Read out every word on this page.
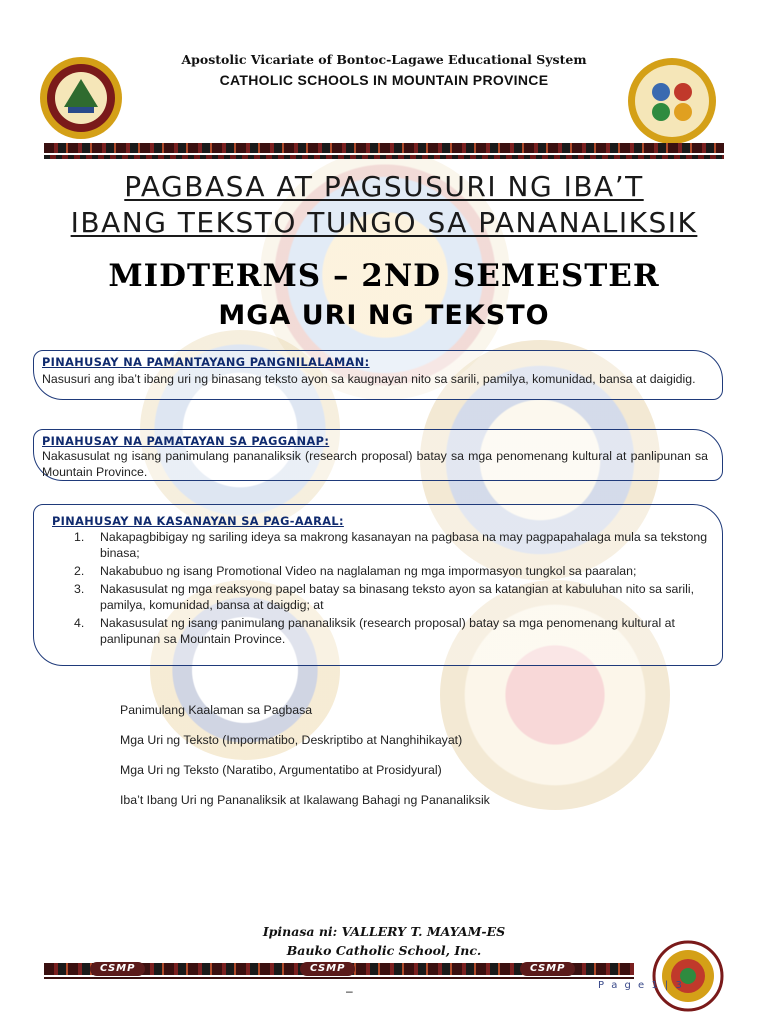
Apostolic Vicariate of Bontoc-Lagawe Educational System
CATHOLIC SCHOOLS IN MOUNTAIN PROVINCE
PAGBASA AT PAGSUSURI NG IBA’T
IBANG TEKSTO TUNGO SA PANANALIKSIK
MIDTERMS – 2ND SEMESTER
MGA URI NG TEKSTO
PINAHUSAY NA PAMANTAYANG PANGNILALAMAN:
Nasusuri ang iba’t ibang uri ng binasang teksto ayon sa kaugnayan nito sa sarili, pamilya, komunidad, bansa at daigidig.
PINAHUSAY NA PAMATAYAN SA PAGGANAP:
Nakasusulat ng isang panimulang pananaliksik (research proposal) batay sa mga penomenang kultural at panlipunan sa Mountain Province.
PINAHUSAY NA KASANAYAN SA PAG-AARAL:
1. Nakapagbibigay ng sariling ideya sa makrong kasanayan na pagbasa na may pagpapahalaga mula sa tekstong binasa;
2. Nakabubuo ng isang Promotional Video na naglalaman ng mga impormasyon tungkol sa paaralan;
3. Nakasusulat ng mga reaksyong papel batay sa binasang teksto ayon sa katangian at kabuluhan nito sa sarili, pamilya, komunidad, bansa at daigdig; at
4. Nakasusulat ng isang panimulang pananaliksik (research proposal) batay sa mga penomenang kultural at panlipunan sa Mountain Province.
Panimulang Kaalaman sa Pagbasa
Mga Uri ng Teksto (Impormatibo, Deskriptibo at Nanghihikayat)
Mga Uri ng Teksto (Naratibo, Argumentatibo at Prosidyural)
Iba’t Ibang Uri ng Pananaliksik at Ikalawang Bahagi ng Pananaliksik
Ipinasa ni: VALLERY T. MAYAM-ES
Bauko Catholic School, Inc.
CSMP	CSMP	CSMP
–	P a g e 1 | 3
